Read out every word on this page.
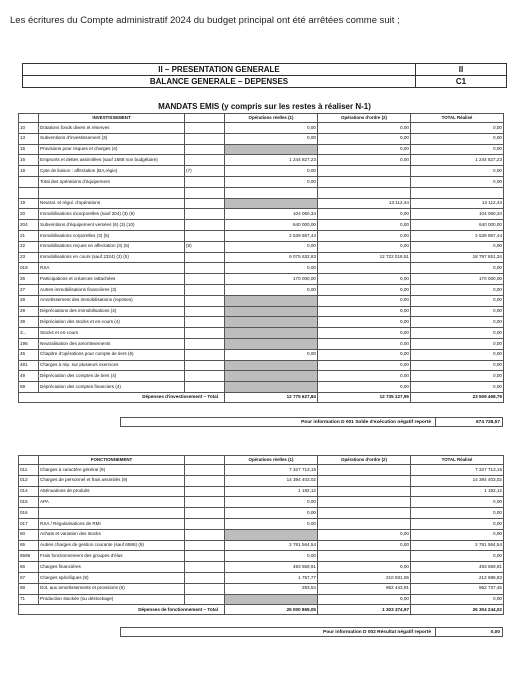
Les écritures du Compte administratif 2024 du budget principal ont été arrêtées comme suit ;
II – PRESENTATION GENERALE	II
BALANCE GENERALE – DEPENSES	C1
MANDATS EMIS (y compris sur les restes à réaliser N-1)
	INVESTISSEMENT		Opérations réelles (1)	Opérations d'ordre (2)	TOTAL Réalisé
10	Dotations fonds divers et réserves		0,00	0,00	0,00
13	Subventions d'investissement (3)		0,00	0,00	0,00
15	Provisions pour risques et charges (4)			0,00	0,00
16	Emprunts et dettes assimilées (sauf 1688 non budgétaire)		1 244 827,23	0,00	1 244 827,23
18	Cpte de liaison : affectation (BA,régie)	(7)	0,00		0,00
	Total des opérations d'équipement		0,00		0,00

19	Neutral. et régul. d'opérations			13 112,44	13 112,44
20	Immobilisations incorporelles (sauf 204) (3) (5)		104 060,34	0,00	104 060,34
204	Subventions d'équipement versées (6) (3) (10)		640 000,00	0,00	640 000,00
21	Immobilisations corporelles (3) (5)		2 539 867,44	0,00	2 539 867,44
22	Immobilisations reçues en affectation (3) (5)	(8)	0,00	0,00	0,00
23	Immobilisations en cours (sauf 2324) (3) (5)		6 075 632,83	12 722 018,51	18 797 651,34
019	RSA		0,00		0,00
26	Participations et créances rattachées		170 000,00	0,00	170 000,00
27	Autres immobilisations financières (3)		0,00	0,00	0,00
28	Amortissement des immobilisations (reprises)			0,00	0,00
29	Dépréciations des immobilisations (4)			0,00	0,00
39	Dépréciation des stocks et en-cours (4)			0,00	0,00
3...	Stocks et en-cours			0,00	0,00
198	Neutralisation des amortissements			0,00	0,00
45	Chapitre d'opérations pour compte de tiers (6)		0,00	0,00	0,00
481	Charges à rép. sur plusieurs exercices			0,00	0,00
49	Dépréciation des comptes de tiers (4)			0,00	0,00
59	Dépréciation des comptes financiers (4)			0,00	0,00
Dépenses d'investissement – Total			12 775 627,84	12 735 127,95	23 509 468,79
Pour information D 001 Solde d'exécution négatif reporté	674 728,57
	FONCTIONNEMENT		Opérations réelles (1)	Opérations d'ordre (2)	TOTAL Réalisé
011	Charges à caractère général (9)		7 327 713,15		7 327 713,15
012	Charges de personnel et frais assimilés (9)		14 394 403,02		14 394 403,02
014	Atténuations de produits		1 192,12		1 192,12
015	APA		0,00		0,00
016			0,00		0,00
017	RSA / Régularisations de RMI		0,00		0,00
60	Achats et variation des stocks			0,00	0,00
65	Autres charges de gestion courante (sauf 6586) (9)		2 781 564,54	0,00	2 781 564,54
6586	Frais fonctionnement des groupes d'élus		0,00		0,00
66	Charges financières		493 559,91	0,00	493 559,91
67	Charges spécifiques (9)		1 757,77	210 931,06	212 688,83
68	Dot. aux amortissements et provisions (9)		293,54	962 443,91	962 737,45
71	Production stockée (ou déstockage)			0,00	0,00
Dépenses de fonctionnement – Total			25 000 869,05	1 303 374,97	26 304 244,02
Pour information D 002 Résultat négatif reporté	0,00
